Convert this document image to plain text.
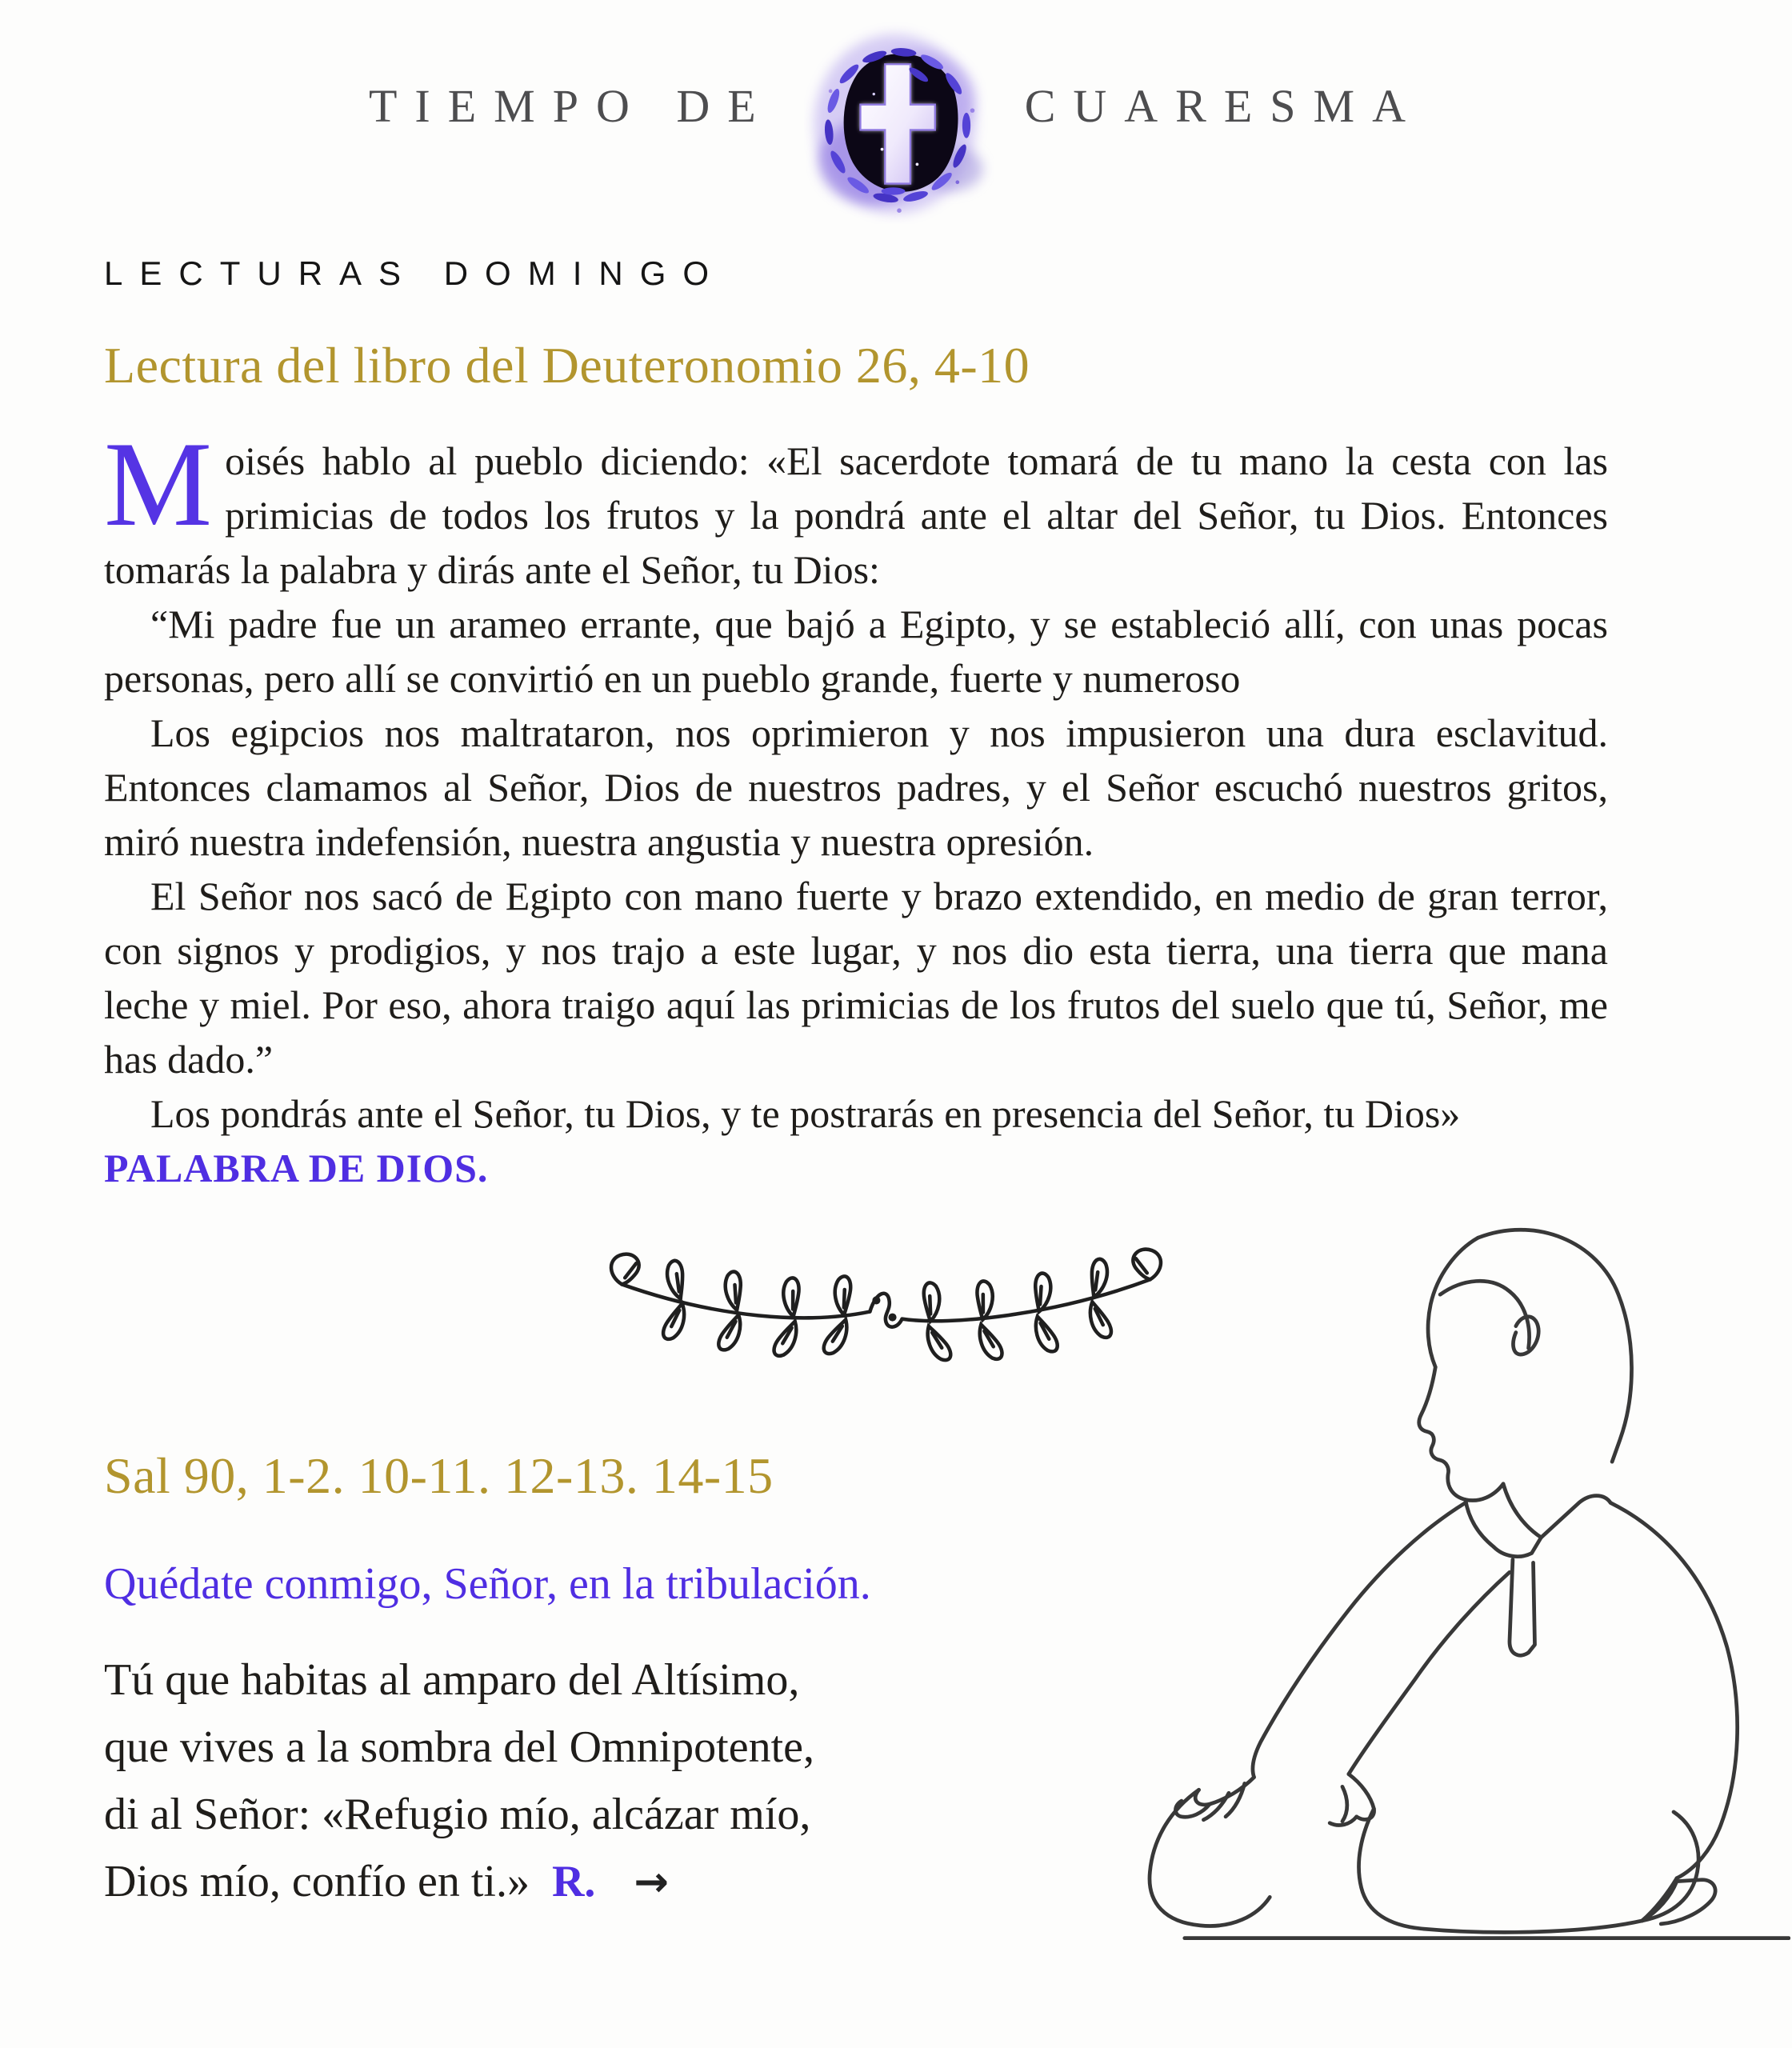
TIEMPO DE	CUARESMA
LECTURAS DOMINGO
Lectura del libro del Deuteronomio 26, 4-10

Moisés hablo al pueblo diciendo: «El sacerdote tomará de tu mano la cesta con las primicias de todos los frutos y la pondrá ante el altar del Señor, tu Dios. Entonces tomarás la palabra y dirás ante el Señor, tu Dios:

“Mi padre fue un arameo errante, que bajó a Egipto, y se estableció allí, con unas pocas personas, pero allí se convirtió en un pueblo grande, fuerte y numeroso

Los egipcios nos maltrataron, nos oprimieron y nos impusieron una dura esclavitud. Entonces clamamos al Señor, Dios de nuestros padres, y el Señor escuchó nuestros gritos, miró nuestra indefensión, nuestra angustia y nuestra opresión.

El Señor nos sacó de Egipto con mano fuerte y brazo extendido, en medio de gran terror, con signos y prodigios, y nos trajo a este lugar, y nos dio esta tierra, una tierra que mana leche y miel. Por eso, ahora traigo aquí las primicias de los frutos del suelo que tú, Señor, me has dado.”

Los pondrás ante el Señor, tu Dios, y te postrarás en presencia del Señor, tu Dios»

PALABRA DE DIOS.

Sal 90, 1-2. 10-11. 12-13. 14-15
Quédate conmigo, Señor, en la tribulación.
Tú que habitas al amparo del Altísimo,
que vives a la sombra del Omnipotente,
di al Señor: «Refugio mío, alcázar mío,
Dios mío, confío en ti.» R. →
